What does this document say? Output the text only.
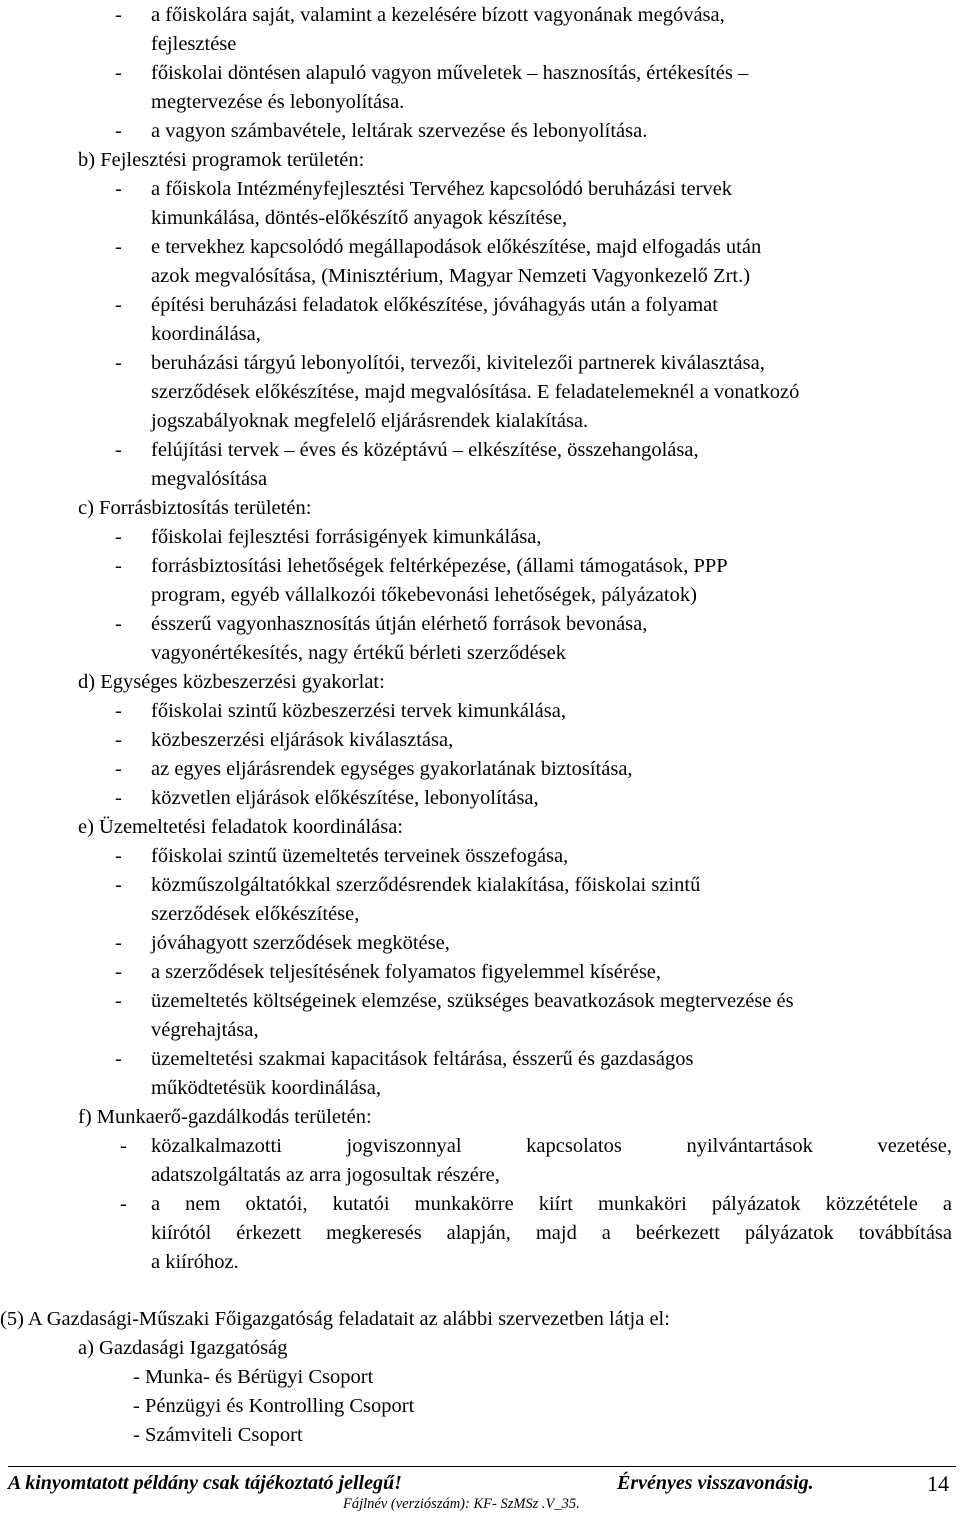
- a főiskolára saját, valamint a kezelésére bízott vagyonának megóvása,
fejlesztése
- főiskolai döntésen alapuló vagyon műveletek – hasznosítás, értékesítés –
megtervezése és lebonyolítása.
- a vagyon számbavétele, leltárak szervezése és lebonyolítása.
b) Fejlesztési programok területén:
- a főiskola Intézményfejlesztési Tervéhez kapcsolódó beruházási tervek
kimunkálása, döntés-előkészítő anyagok készítése,
- e tervekhez kapcsolódó megállapodások előkészítése, majd elfogadás után
azok megvalósítása, (Minisztérium, Magyar Nemzeti Vagyonkezelő Zrt.)
- építési beruházási feladatok előkészítése, jóváhagyás után a folyamat
koordinálása,
- beruházási tárgyú lebonyolítói, tervezői, kivitelezői partnerek kiválasztása,
szerződések előkészítése, majd megvalósítása. E feladatelemeknél a vonatkozó
jogszabályoknak megfelelő eljárásrendek kialakítása.
- felújítási tervek – éves és középtávú – elkészítése, összehangolása,
megvalósítása
c) Forrásbiztosítás területén:
- főiskolai fejlesztési forrásigények kimunkálása,
- forrásbiztosítási lehetőségek feltérképezése, (állami támogatások, PPP
program, egyéb vállalkozói tőkebevonási lehetőségek, pályázatok)
- ésszerű vagyonhasznosítás útján elérhető források bevonása,
vagyonértékesítés, nagy értékű bérleti szerződések
d) Egységes közbeszerzési gyakorlat:
- főiskolai szintű közbeszerzési tervek kimunkálása,
- közbeszerzési eljárások kiválasztása,
- az egyes eljárásrendek egységes gyakorlatának biztosítása,
- közvetlen eljárások előkészítése, lebonyolítása,
e) Üzemeltetési feladatok koordinálása:
- főiskolai szintű üzemeltetés terveinek összefogása,
- közműszolgáltatókkal szerződésrendek kialakítása, főiskolai szintű
szerződések előkészítése,
- jóváhagyott szerződések megkötése,
- a szerződések teljesítésének folyamatos figyelemmel kísérése,
- üzemeltetés költségeinek elemzése, szükséges beavatkozások megtervezése és
végrehajtása,
- üzemeltetési szakmai kapacitások feltárása, ésszerű és gazdaságos
működtetésük koordinálása,
f) Munkaerő-gazdálkodás területén:
- közalkalmazotti jogviszonnyal kapcsolatos nyilvántartások vezetése,
adatszolgáltatás az arra jogosultak részére,
- a nem oktatói, kutatói munkakörre kiírt munkaköri pályázatok közzététele a
kiírótól érkezett megkeresés alapján, majd a beérkezett pályázatok továbbítása
a kiíróhoz.
(5) A Gazdasági-Műszaki Főigazgatóság feladatait az alábbi szervezetben látja el:
a) Gazdasági Igazgatóság
- Munka- és Bérügyi Csoport
- Pénzügyi és Kontrolling Csoport
- Számviteli Csoport
A kinyomtatott példány csak tájékoztató jellegű!	Érvényes visszavonásig.	14
Fájlnév (verziószám): KF- SzMSz .V_35.
